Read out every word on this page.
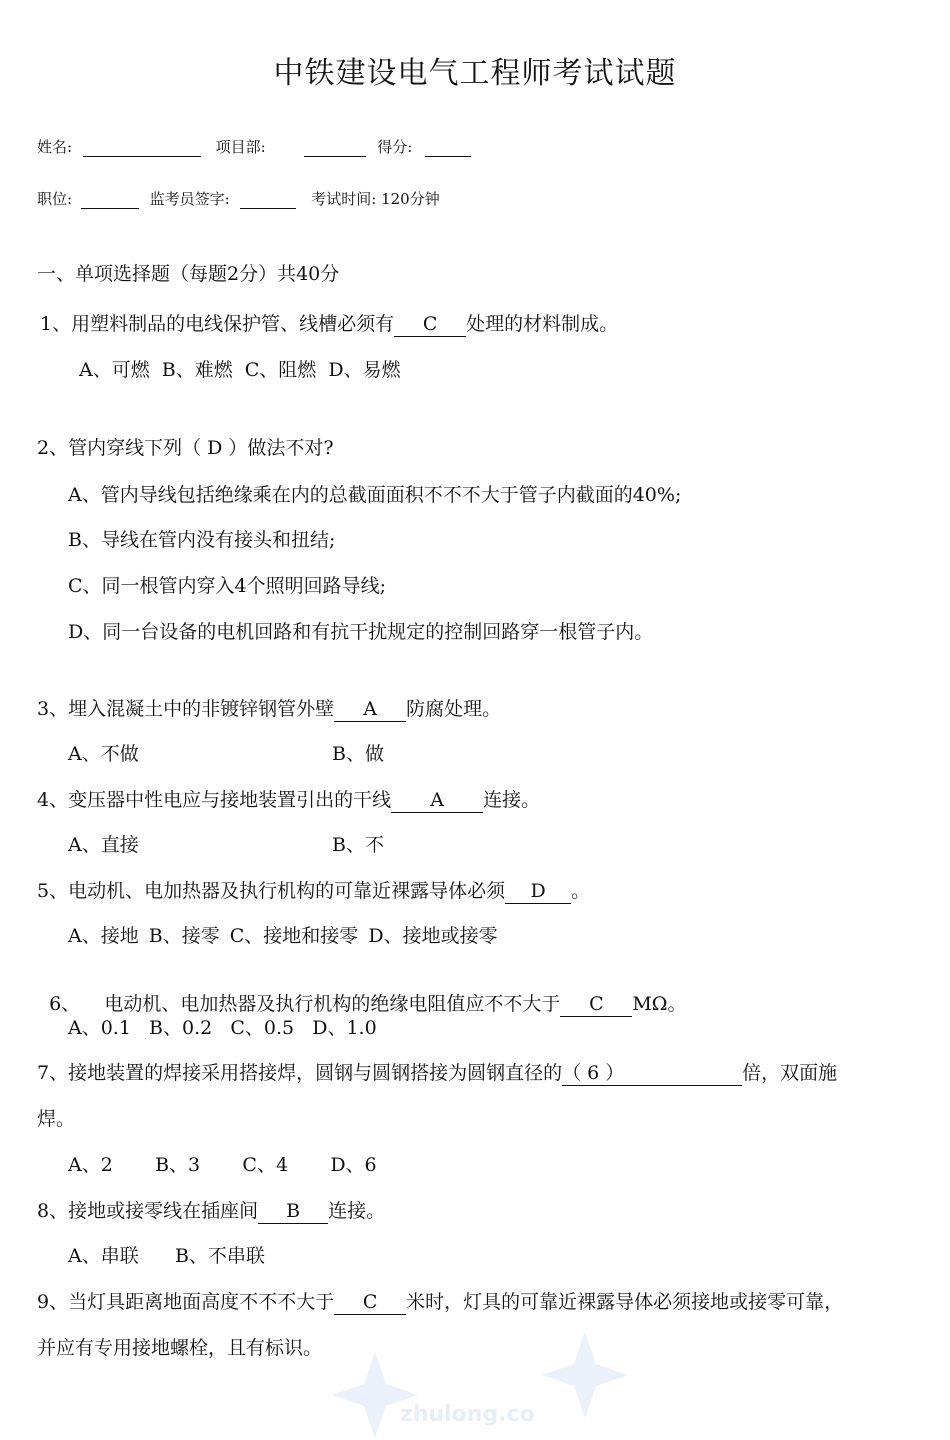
中铁建设电气工程师考试试题
姓名:	项目部:	得分:
职位:	监考员签字:	考试时间: 120分钟
一、单项选择题（每题2分）共40分
1、用塑料制品的电线保护管、线槽必须有 C 处理的材料制成。
A、可燃 B、难燃 C、阻燃 D、易燃
2、管内穿线下列（ D ）做法不对?
A、管内导线包括绝缘乘在内的总截面面积不不不大于管子内截面的40%;
B、导线在管内没有接头和扭结;
C、同一根管内穿入4个照明回路导线;
D、同一台设备的电机回路和有抗干扰规定的控制回路穿一根管子内。
3、埋入混凝土中的非镀锌钢管外壁 A 防腐处理。
A、不做	B、做
4、变压器中性电应与接地装置引出的干线 A 连接。
A、直接	B、不
5、电动机、电加热器及执行机构的可靠近裸露导体必须 D 。
A、接地 B、接零 C、接地和接零 D、接地或接零

6、    电动机、电加热器及执行机构的绝缘电阻值应不不大于 C MΩ。

A、0.1   B、0.2   C、0.5   D、1.0
7、接地装置的焊接采用搭接焊，圆钢与圆钢搭接为圆钢直径的（ 6 ）	倍，双面施
焊。
A、2       B、3       C、4       D、6
8、接地或接零线在插座间 B 连接。
A、串联      B、不串联
9、当灯具距离地面高度不不不大于 C 米时，灯具的可靠近裸露导体必须接地或接零可靠，
并应有专用接地螺栓，且有标识。
zhulong.co
